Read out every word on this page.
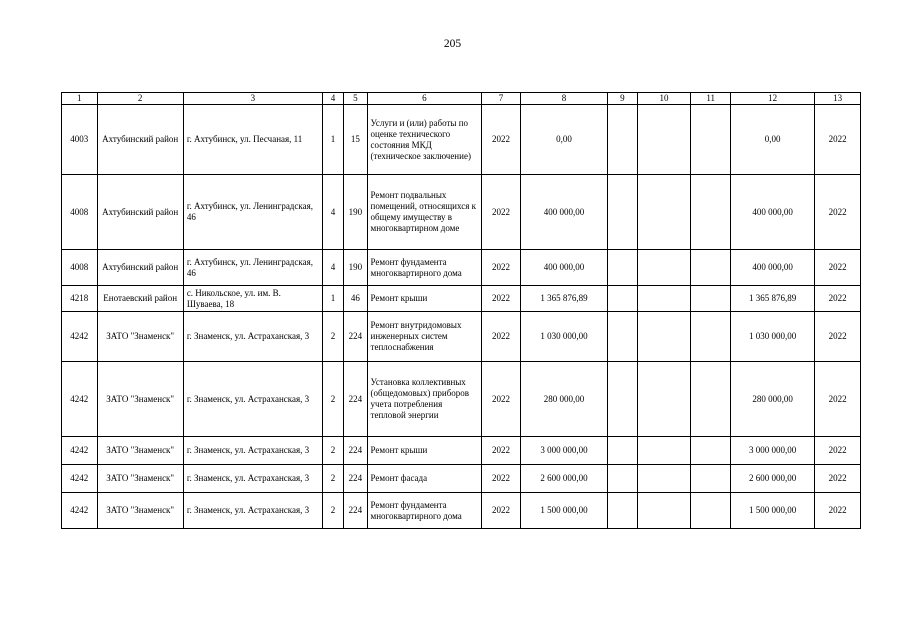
205
1	2	3	4	5	6	7	8	9	10	11	12	13
4003	Ахтубинский район	г. Ахтубинск, ул. Песчаная, 11	1	15	Услуги и (или) работы по оценке технического состояния МКД (техническое заключение)	2022	0,00				0,00	2022
4008	Ахтубинский район	г. Ахтубинск, ул. Ленинградская, 46	4	190	Ремонт подвальных помещений, относящихся к общему имуществу в многоквартирном доме	2022	400 000,00				400 000,00	2022
4008	Ахтубинский район	г. Ахтубинск, ул. Ленинградская, 46	4	190	Ремонт фундамента многоквартирного дома	2022	400 000,00				400 000,00	2022
4218	Енотаевский район	с. Никольское, ул. им. В. Шуваева, 18	1	46	Ремонт крыши	2022	1 365 876,89				1 365 876,89	2022
4242	ЗАТО "Знаменск"	г. Знаменск, ул. Астраханская, 3	2	224	Ремонт внутридомовых инженерных систем теплоснабжения	2022	1 030 000,00				1 030 000,00	2022
4242	ЗАТО "Знаменск"	г. Знаменск, ул. Астраханская, 3	2	224	Установка коллективных (общедомовых) приборов учета потребления тепловой энергии	2022	280 000,00				280 000,00	2022
4242	ЗАТО "Знаменск"	г. Знаменск, ул. Астраханская, 3	2	224	Ремонт крыши	2022	3 000 000,00				3 000 000,00	2022
4242	ЗАТО "Знаменск"	г. Знаменск, ул. Астраханская, 3	2	224	Ремонт фасада	2022	2 600 000,00				2 600 000,00	2022
4242	ЗАТО "Знаменск"	г. Знаменск, ул. Астраханская, 3	2	224	Ремонт фундамента многоквартирного дома	2022	1 500 000,00				1 500 000,00	2022
